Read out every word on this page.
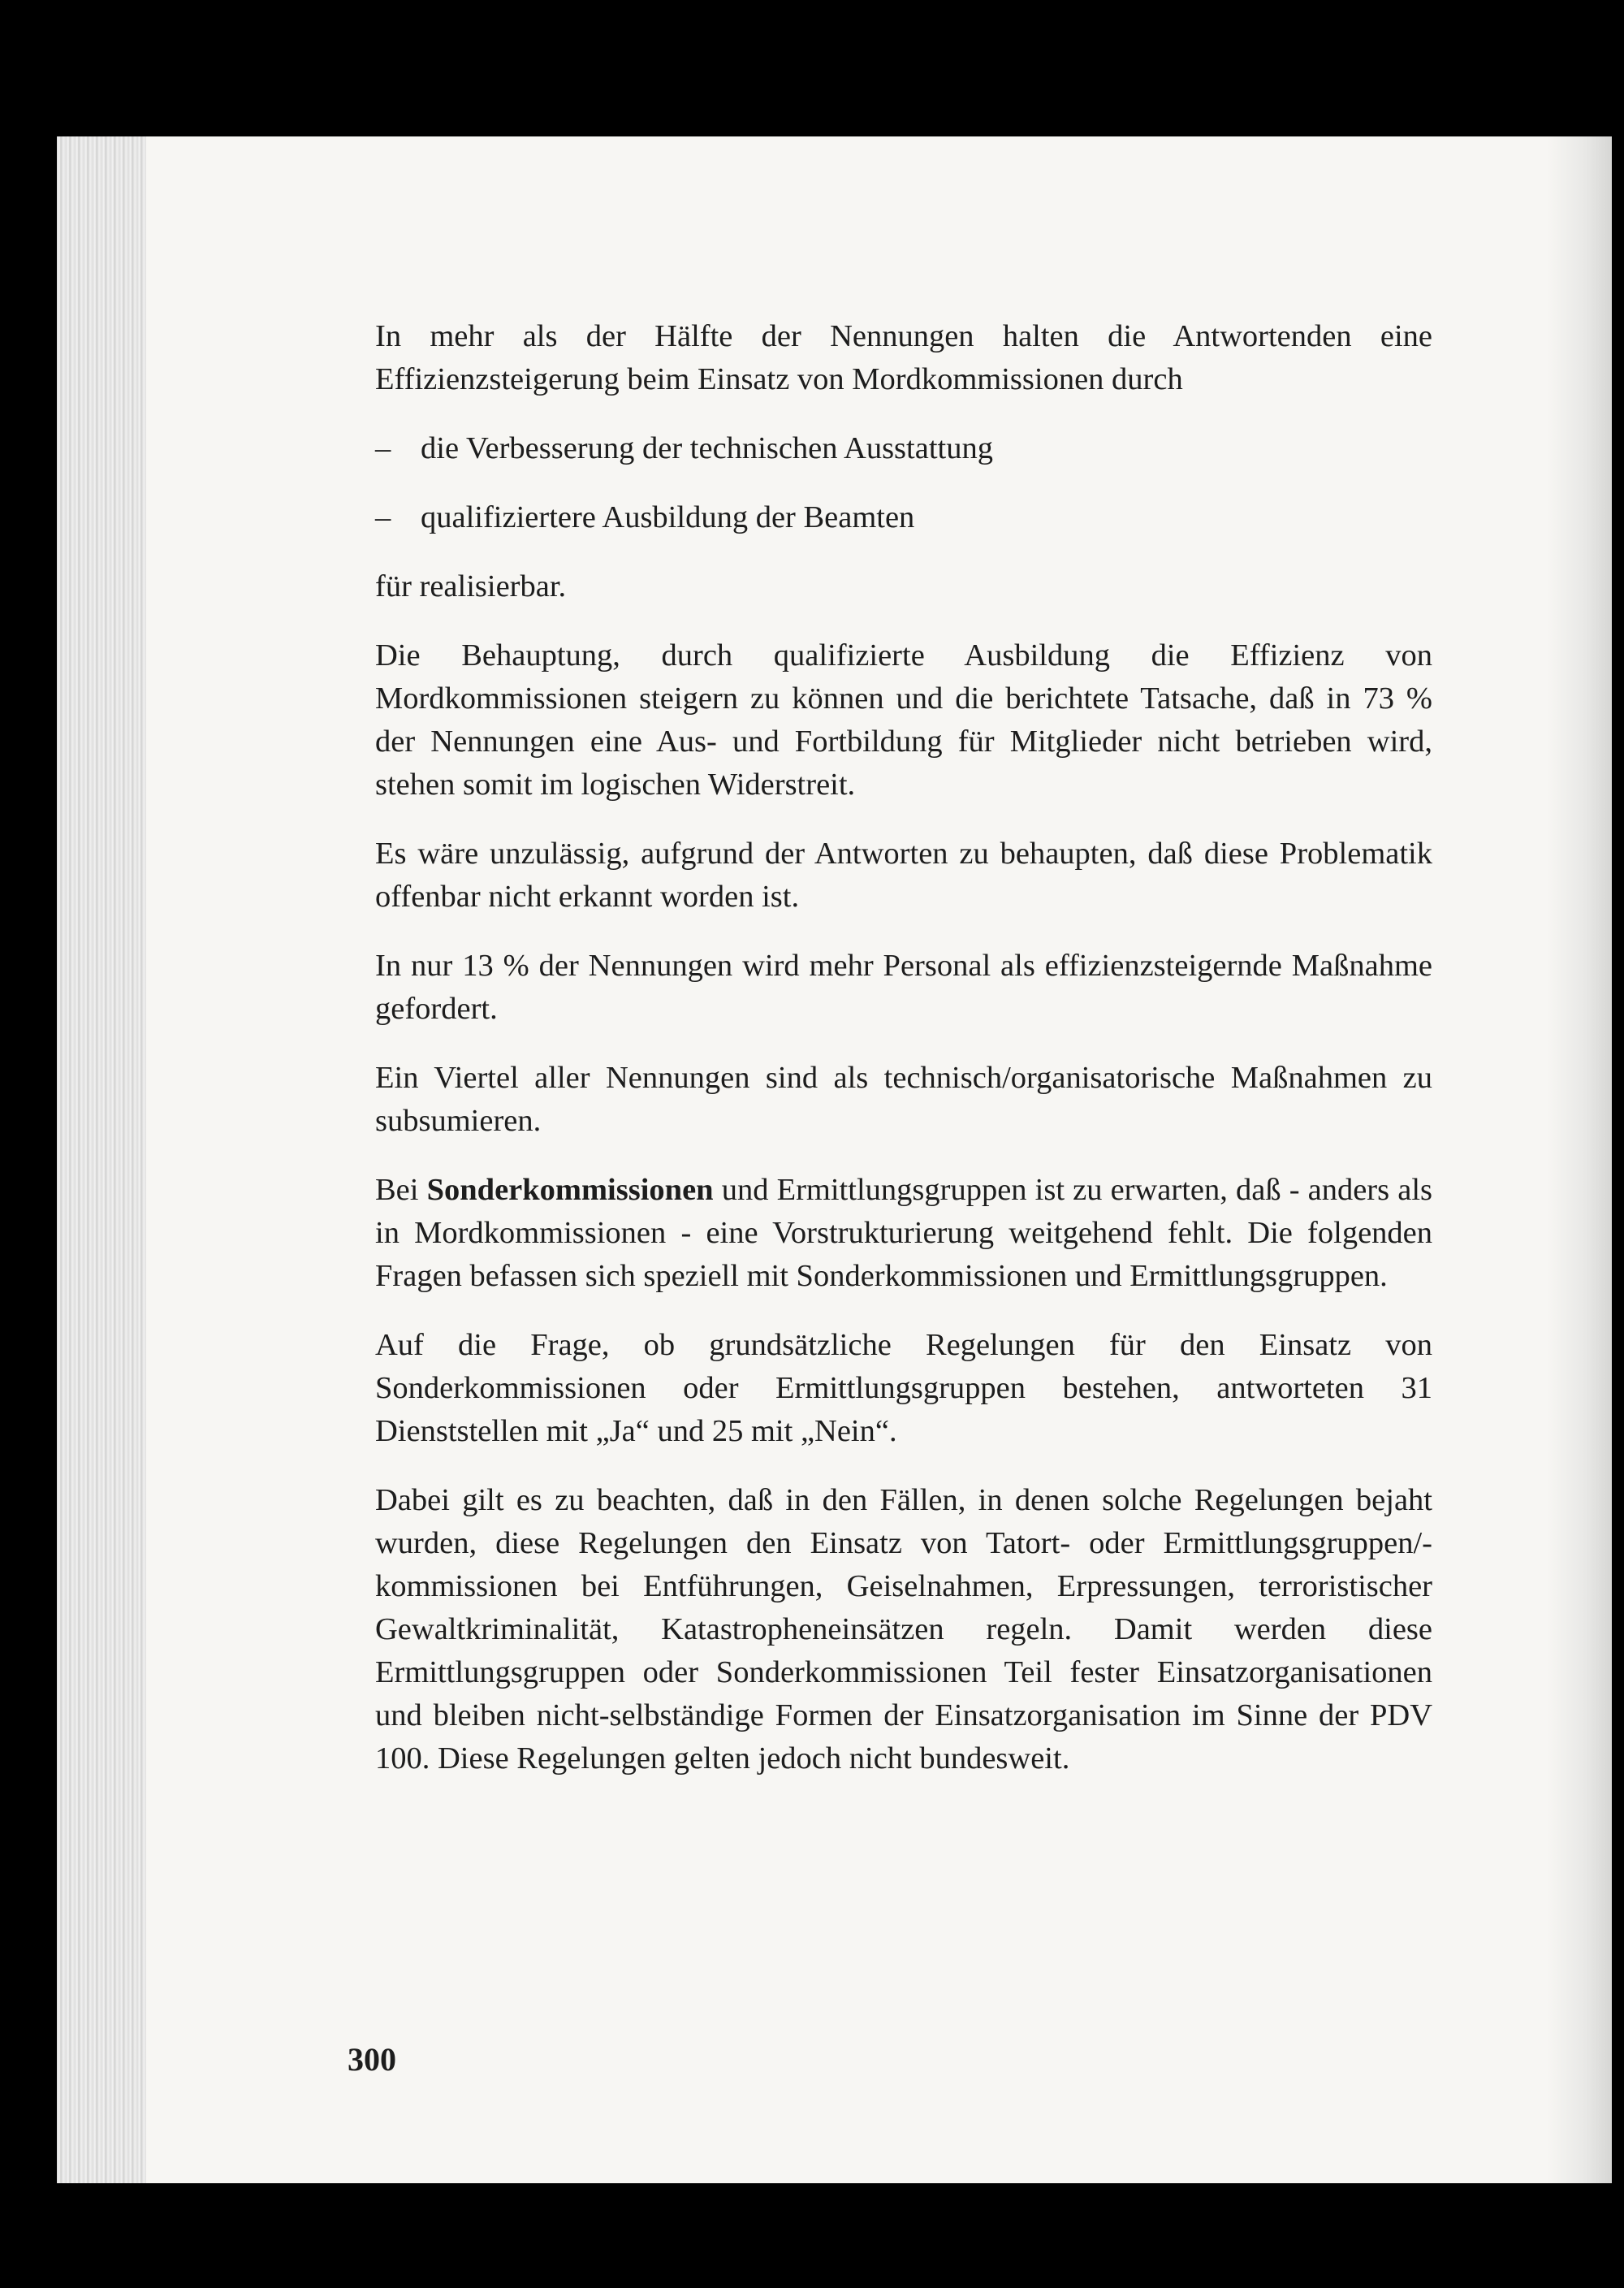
In mehr als der Hälfte der Nennungen halten die Antwortenden eine Effizienzsteigerung beim Einsatz von Mordkommissionen durch

– die Verbesserung der technischen Ausstattung
– qualifiziertere Ausbildung der Beamten

für realisierbar.

Die Behauptung, durch qualifizierte Ausbildung die Effizienz von Mordkommissionen steigern zu können und die berichtete Tatsache, daß in 73 % der Nennungen eine Aus- und Fortbildung für Mitglieder nicht betrieben wird, stehen somit im logischen Widerstreit.

Es wäre unzulässig, aufgrund der Antworten zu behaupten, daß diese Problematik offenbar nicht erkannt worden ist.

In nur 13 % der Nennungen wird mehr Personal als effizienzsteigernde Maßnahme gefordert.

Ein Viertel aller Nennungen sind als technisch/organisatorische Maßnahmen zu subsumieren.

Bei Sonderkommissionen und Ermittlungsgruppen ist zu erwarten, daß - anders als in Mordkommissionen - eine Vorstrukturierung weitgehend fehlt. Die folgenden Fragen befassen sich speziell mit Sonderkommissionen und Ermittlungsgruppen.

Auf die Frage, ob grundsätzliche Regelungen für den Einsatz von Sonderkommissionen oder Ermittlungsgruppen bestehen, antworteten 31 Dienststellen mit „Ja“ und 25 mit „Nein“.

Dabei gilt es zu beachten, daß in den Fällen, in denen solche Regelungen bejaht wurden, diese Regelungen den Einsatz von Tatort- oder Ermittlungsgruppen/-kommissionen bei Entführungen, Geiselnahmen, Erpressungen, terroristischer Gewaltkriminalität, Katastropheneinsätzen regeln. Damit werden diese Ermittlungsgruppen oder Sonderkommissionen Teil fester Einsatzorganisationen und bleiben nicht-selbständige Formen der Einsatzorganisation im Sinne der PDV 100. Diese Regelungen gelten jedoch nicht bundesweit.

300
